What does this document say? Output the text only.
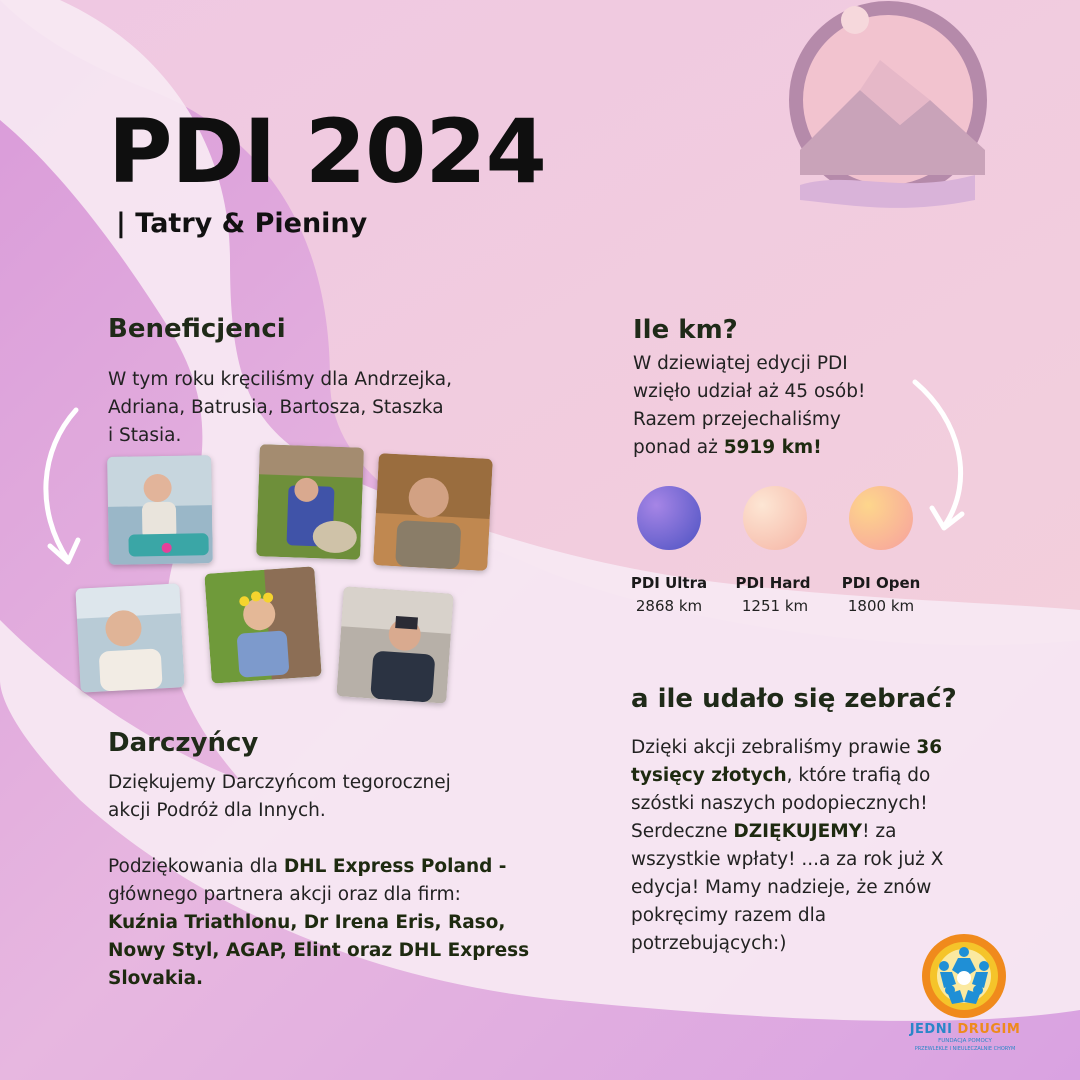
PDI 2024
| Tatry & Pieniny
Beneficjenci
W tym roku kręciliśmy dla Andrzejka,
Adriana, Batrusia, Bartosza, Staszka
i Stasia.
Ile km?
W dziewiątej edycji PDI
wzięło udział aż 45 osób!
Razem przejechaliśmy
ponad aż 5919 km!
PDI Ultra	PDI Hard	PDI Open
2868 km	1251 km	1800 km
Darczyńcy
Dziękujemy Darczyńcom tegorocznej
akcji Podróż dla Innych.
Podziękowania dla DHL Express Poland -
głównego partnera akcji oraz dla firm:
Kuźnia Triathlonu, Dr Irena Eris, Raso,
Nowy Styl, AGAP, Elint oraz DHL Express
Slovakia.
a ile udało się zebrać?
Dzięki akcji zebraliśmy prawie 36
tysięcy złotych, które trafią do
szóstki naszych podopiecznych!
Serdeczne DZIĘKUJEMY! za
wszystkie wpłaty! ...a za rok już X
edycja! Mamy nadzieje, że znów
pokręcimy razem dla
potrzebujących:)
JEDNI DRUGIM
FUNDACJA POMOCY
PRZEWLEKLE I NIEULECZALNIE CHORYM
